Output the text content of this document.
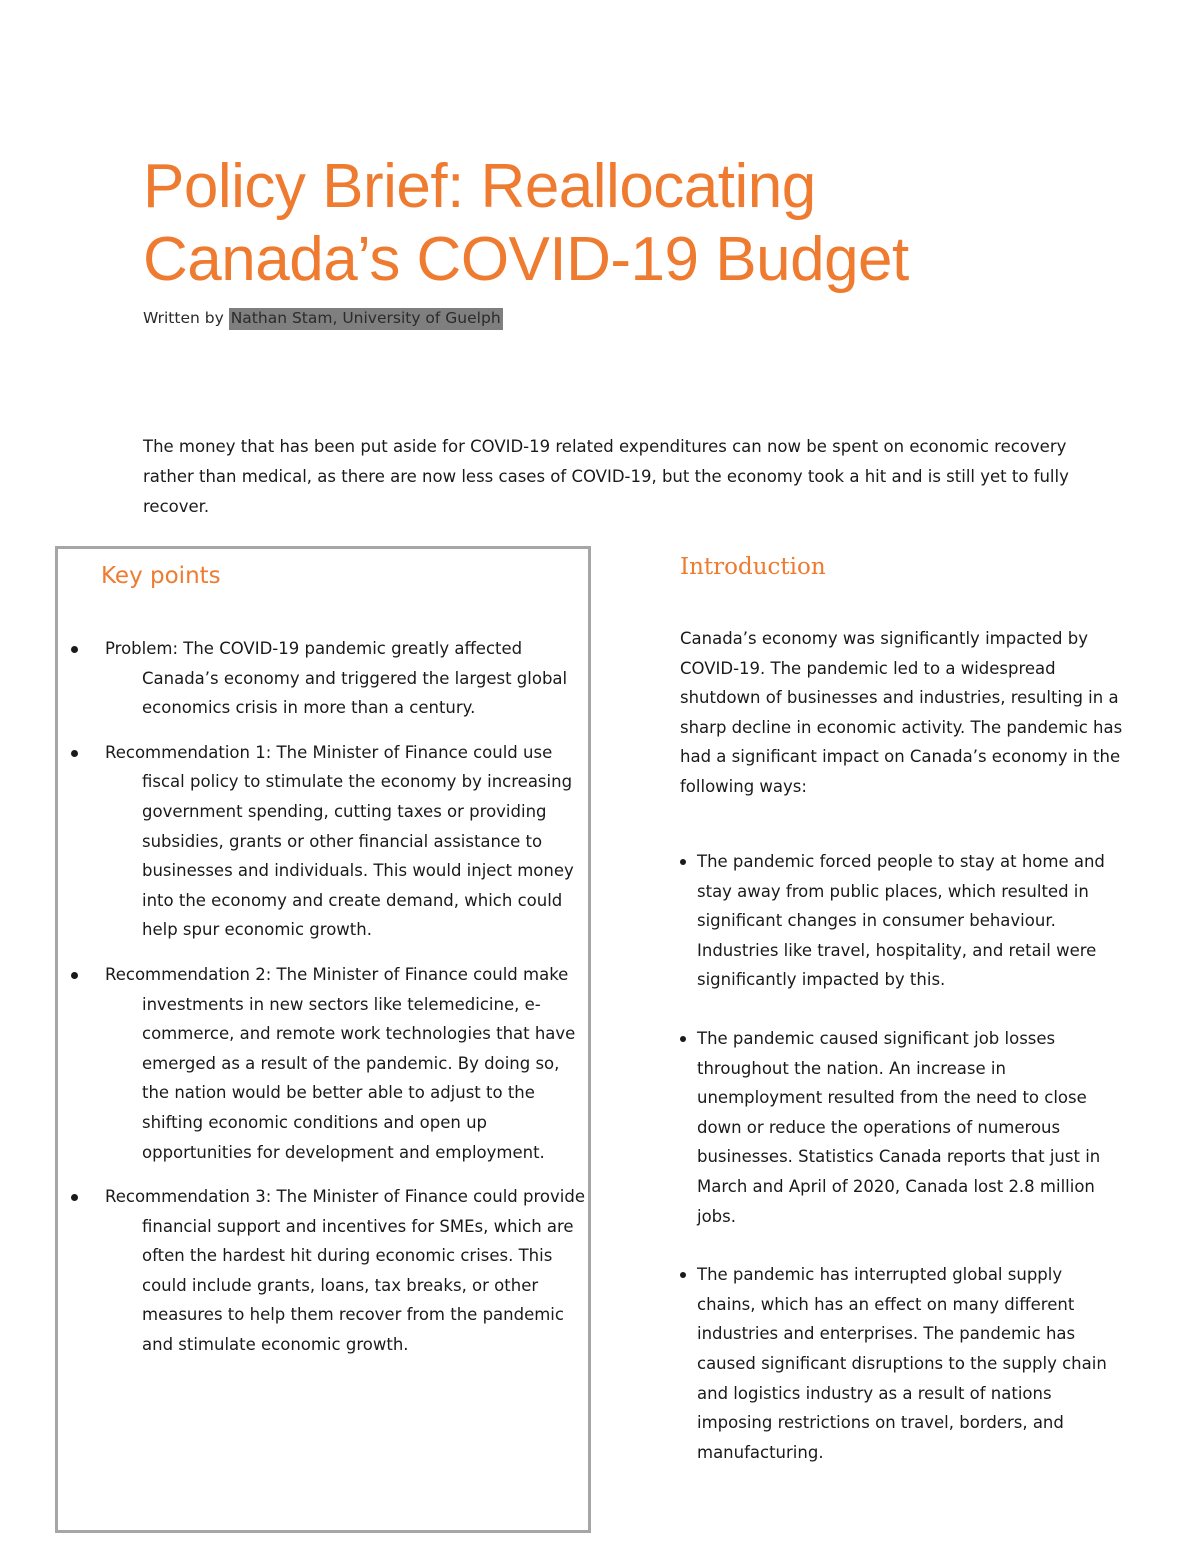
Policy Brief: Reallocating
Canada’s COVID-19 Budget
Written by Nathan Stam, University of Guelph

The money that has been put aside for COVID-19 related expenditures can now be spent on economic recovery rather than medical, as there are now less cases of COVID-19, but the economy took a hit and is still yet to fully recover.

Key points
Problem: The COVID-19 pandemic greatly affected Canada’s economy and triggered the largest global economics crisis in more than a century.
Recommendation 1: The Minister of Finance could use fiscal policy to stimulate the economy by increasing government spending, cutting taxes or providing subsidies, grants or other financial assistance to businesses and individuals. This would inject money into the economy and create demand, which could help spur economic growth.
Recommendation 2: The Minister of Finance could make investments in new sectors like telemedicine, e-commerce, and remote work technologies that have emerged as a result of the pandemic. By doing so, the nation would be better able to adjust to the shifting economic conditions and open up opportunities for development and employment.
Recommendation 3: The Minister of Finance could provide financial support and incentives for SMEs, which are often the hardest hit during economic crises. This could include grants, loans, tax breaks, or other measures to help them recover from the pandemic and stimulate economic growth.
Introduction

Canada’s economy was significantly impacted by COVID-19. The pandemic led to a widespread shutdown of businesses and industries, resulting in a sharp decline in economic activity. The pandemic has had a significant impact on Canada’s economy in the following ways:

The pandemic forced people to stay at home and stay away from public places, which resulted in significant changes in consumer behaviour. Industries like travel, hospitality, and retail were significantly impacted by this.
The pandemic caused significant job losses throughout the nation. An increase in unemployment resulted from the need to close down or reduce the operations of numerous businesses. Statistics Canada reports that just in March and April of 2020, Canada lost 2.8 million jobs.
The pandemic has interrupted global supply chains, which has an effect on many different industries and enterprises. The pandemic has caused significant disruptions to the supply chain and logistics industry as a result of nations imposing restrictions on travel, borders, and manufacturing.
